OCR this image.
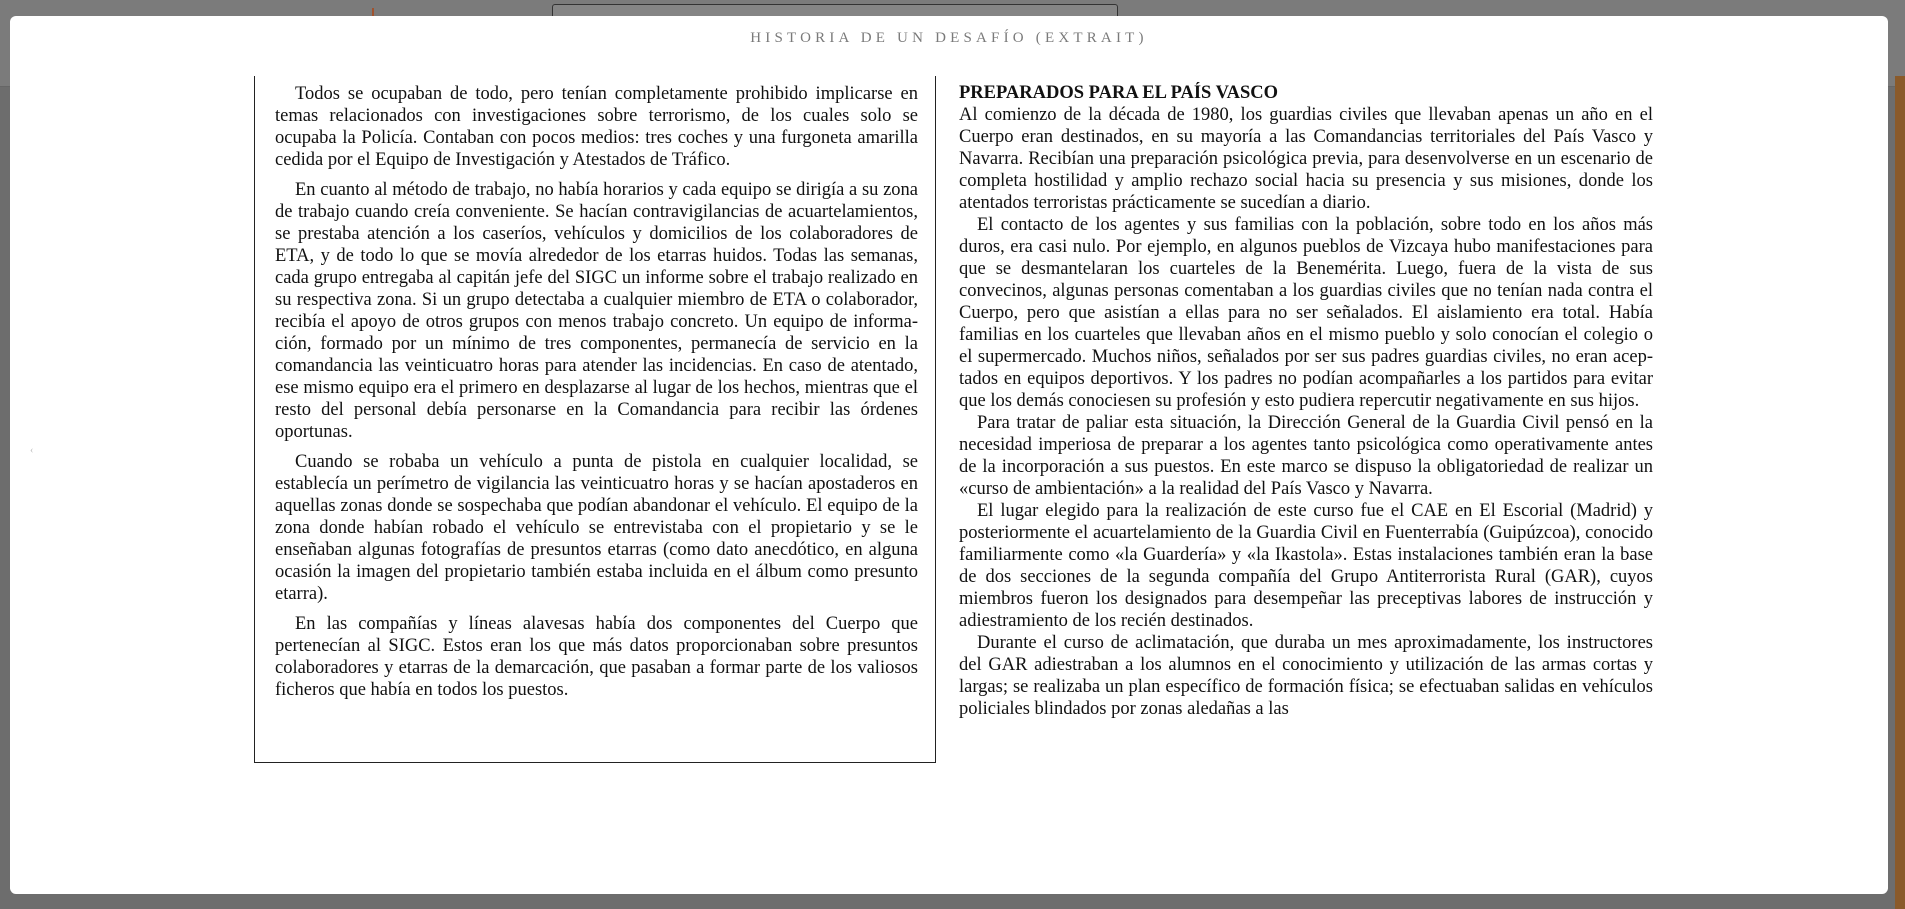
HISTORIA DE UN DESAFÍO (EXTRAIT)
‹

Todos se ocupaban de todo, pero tenían completamente prohibido implicarse en temas relacionados con investigaciones sobre terrorismo, de los cuales solo se ocupaba la Policía. Contaban con pocos medios: tres coches y una furgoneta amarilla cedida por el Equipo de Investigación y Atestados de Tráfico.

En cuanto al método de trabajo, no había horarios y cada equipo se dirigía a su zona de trabajo cuando creía conveniente. Se hacían contravigilancias de acuartelamientos, se prestaba atención a los caseríos, vehículos y domicilios de los colaboradores de ETA, y de todo lo que se movía alrededor de los etarras huidos. Todas las semanas, cada grupo entregaba al capitán jefe del SIGC un informe sobre el trabajo realizado en su respectiva zona. Si un grupo detectaba a cualquier miembro de ETA o colaborador, recibía el apoyo de otros grupos con menos trabajo concreto. Un equipo de información, formado por un mínimo de tres componentes, permanecía de servicio en la comandancia las veinticuatro horas para atender las incidencias. En caso de atentado, ese mismo equipo era el primero en desplazarse al lugar de los hechos, mientras que el resto del personal debía personarse en la Comandancia para recibir las órdenes oportunas.

Cuando se robaba un vehículo a punta de pistola en cualquier localidad, se establecía un perímetro de vigilancia las veinticuatro horas y se hacían apostaderos en aquellas zonas donde se sospechaba que podían abandonar el vehículo. El equipo de la zona donde habían robado el vehículo se entrevistaba con el propietario y se le enseñaban algunas fotografías de presuntos etarras (como dato anecdótico, en alguna ocasión la imagen del propietario también estaba incluida en el álbum como presunto etarra).

En las compañías y líneas alavesas había dos componentes del Cuerpo que pertenecían al SIGC. Estos eran los que más datos proporcionaban sobre presuntos colaboradores y etarras de la demarcación, que pasaban a formar parte de los valiosos ficheros que había en todos los puestos.

PREPARADOS PARA EL PAÍS VASCO

Al comienzo de la década de 1980, los guardias civiles que llevaban apenas un año en el Cuerpo eran destinados, en su mayoría a las Comandancias territoriales del País Vasco y Navarra. Recibían una preparación psicológica previa, para desenvolverse en un escenario de completa hostilidad y amplio rechazo social hacia su presencia y sus misiones, donde los atentados terroristas prácticamente se sucedían a diario.

El contacto de los agentes y sus familias con la población, sobre todo en los años más duros, era casi nulo. Por ejemplo, en algunos pueblos de Vizcaya hubo manifestaciones para que se desmantelaran los cuarteles de la Benemérita. Luego, fuera de la vista de sus convecinos, algunas personas comentaban a los guardias civiles que no tenían nada contra el Cuerpo, pero que asistían a ellas para no ser señalados. El aislamiento era total. Había familias en los cuarteles que llevaban años en el mismo pueblo y solo conocían el colegio o el supermercado. Muchos niños, señalados por ser sus padres guardias civiles, no eran aceptados en equipos deportivos. Y los padres no podían acompañarles a los partidos para evitar que los demás conociesen su profesión y esto pudiera repercutir negativamente en sus hijos.

Para tratar de paliar esta situación, la Dirección General de la Guardia Civil pensó en la necesidad imperiosa de preparar a los agentes tanto psicológica como operativamente antes de la incorporación a sus puestos. En este marco se dispuso la obligatoriedad de realizar un «curso de ambientación» a la realidad del País Vasco y Navarra.

El lugar elegido para la realización de este curso fue el CAE en El Escorial (Madrid) y posteriormente el acuartelamiento de la Guardia Civil en Fuenterrabía (Guipúzcoa), conocido familiarmente como «la Guardería» y «la Ikastola». Estas instalaciones también eran la base de dos secciones de la segunda compañía del Grupo Antiterrorista Rural (GAR), cuyos miembros fueron los designados para desempeñar las preceptivas labores de instrucción y adiestramiento de los recién destinados.

Durante el curso de aclimatación, que duraba un mes aproximadamente, los instructores del GAR adiestraban a los alumnos en el conocimiento y utilización de las armas cortas y largas; se realizaba un plan específico de formación física; se efectuaban salidas en vehículos policiales blindados por zonas aledañas a las
